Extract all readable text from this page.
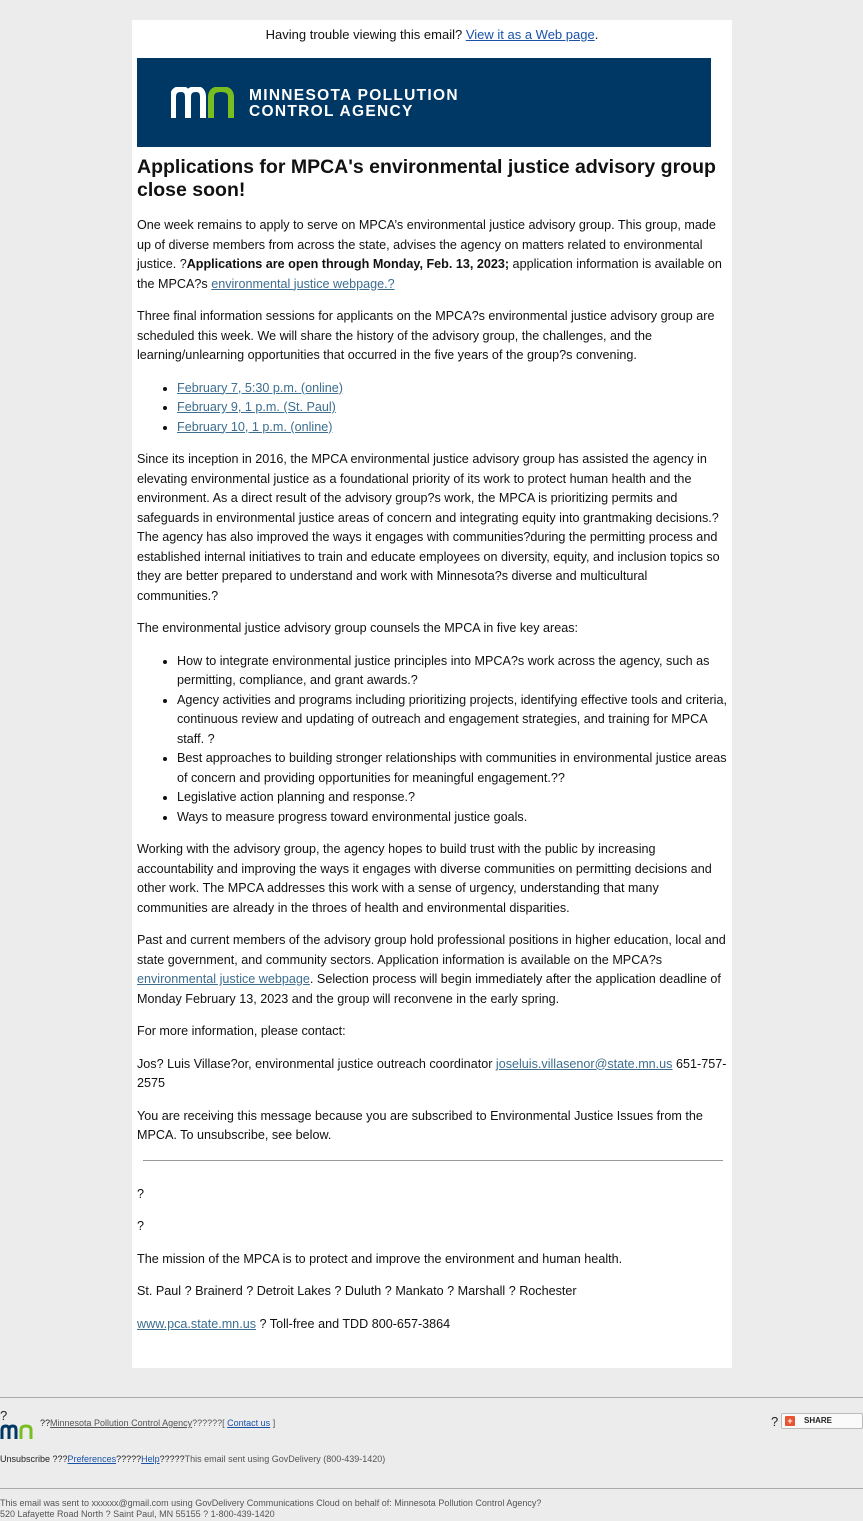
Having trouble viewing this email? View it as a Web page.
MINNESOTA POLLUTION
CONTROL AGENCY
Applications for MPCA's environmental justice advisory group close soon!

One week remains to apply to serve on MPCA’s environmental justice advisory group. This group, made up of diverse members from across the state, advises the agency on matters related to environmental justice. ?Applications are open through Monday, Feb. 13, 2023; application information is available on the MPCA?s environmental justice webpage.?

Three final information sessions for applicants on the MPCA?s environmental justice advisory group are scheduled this week. We will share the history of the advisory group, the challenges, and the learning/unlearning opportunities that occurred in the five years of the group?s convening.

• February 7, 5:30 p.m. (online)
• February 9, 1 p.m. (St. Paul)
• February 10, 1 p.m. (online)

Since its inception in 2016, the MPCA environmental justice advisory group has assisted the agency in elevating environmental justice as a foundational priority of its work to protect human health and the environment. As a direct result of the advisory group?s work, the MPCA is prioritizing permits and safeguards in environmental justice areas of concern and integrating equity into grantmaking decisions.?The agency has also improved the ways it engages with communities?during the permitting process and established internal initiatives to train and educate employees on diversity, equity, and inclusion topics so they are better prepared to understand and work with Minnesota?s diverse and multicultural communities.?

The environmental justice advisory group counsels the MPCA in five key areas:

• How to integrate environmental justice principles into MPCA?s work across the agency, such as permitting, compliance, and grant awards.?
• Agency activities and programs including prioritizing projects, identifying effective tools and criteria, continuous review and updating of outreach and engagement strategies, and training for MPCA staff. ?
• Best approaches to building stronger relationships with communities in environmental justice areas of concern and providing opportunities for meaningful engagement.??
• Legislative action planning and response.?
• Ways to measure progress toward environmental justice goals.

Working with the advisory group, the agency hopes to build trust with the public by increasing accountability and improving the ways it engages with diverse communities on permitting decisions and other work. The MPCA addresses this work with a sense of urgency, understanding that many communities are already in the throes of health and environmental disparities.

Past and current members of the advisory group hold professional positions in higher education, local and state government, and community sectors. Application information is available on the MPCA?s environmental justice webpage. Selection process will begin immediately after the application deadline of Monday February 13, 2023 and the group will reconvene in the early spring.

For more information, please contact:

Jos? Luis Villase?or, environmental justice outreach coordinator joseluis.villasenor@state.mn.us 651-757-2575

You are receiving this message because you are subscribed to Environmental Justice Issues from the MPCA. To unsubscribe, see below.

?

?

The mission of the MPCA is to protect and improve the environment and human health.

St. Paul ? Brainerd ? Detroit Lakes ? Duluth ? Mankato ? Marshall ? Rochester

www.pca.state.mn.us ? Toll-free and TDD 800-657-3864

?	??Minnesota Pollution Control Agency??????[ Contact us ]	? + SHARE
Unsubscribe ???Preferences?????Help?????This email sent using GovDelivery (800-439-1420)
This email was sent to xxxxxx@gmail.com using GovDelivery Communications Cloud on behalf of: Minnesota Pollution Control Agency?
520 Lafayette Road North ? Saint Paul, MN 55155 ? 1-800-439-1420
